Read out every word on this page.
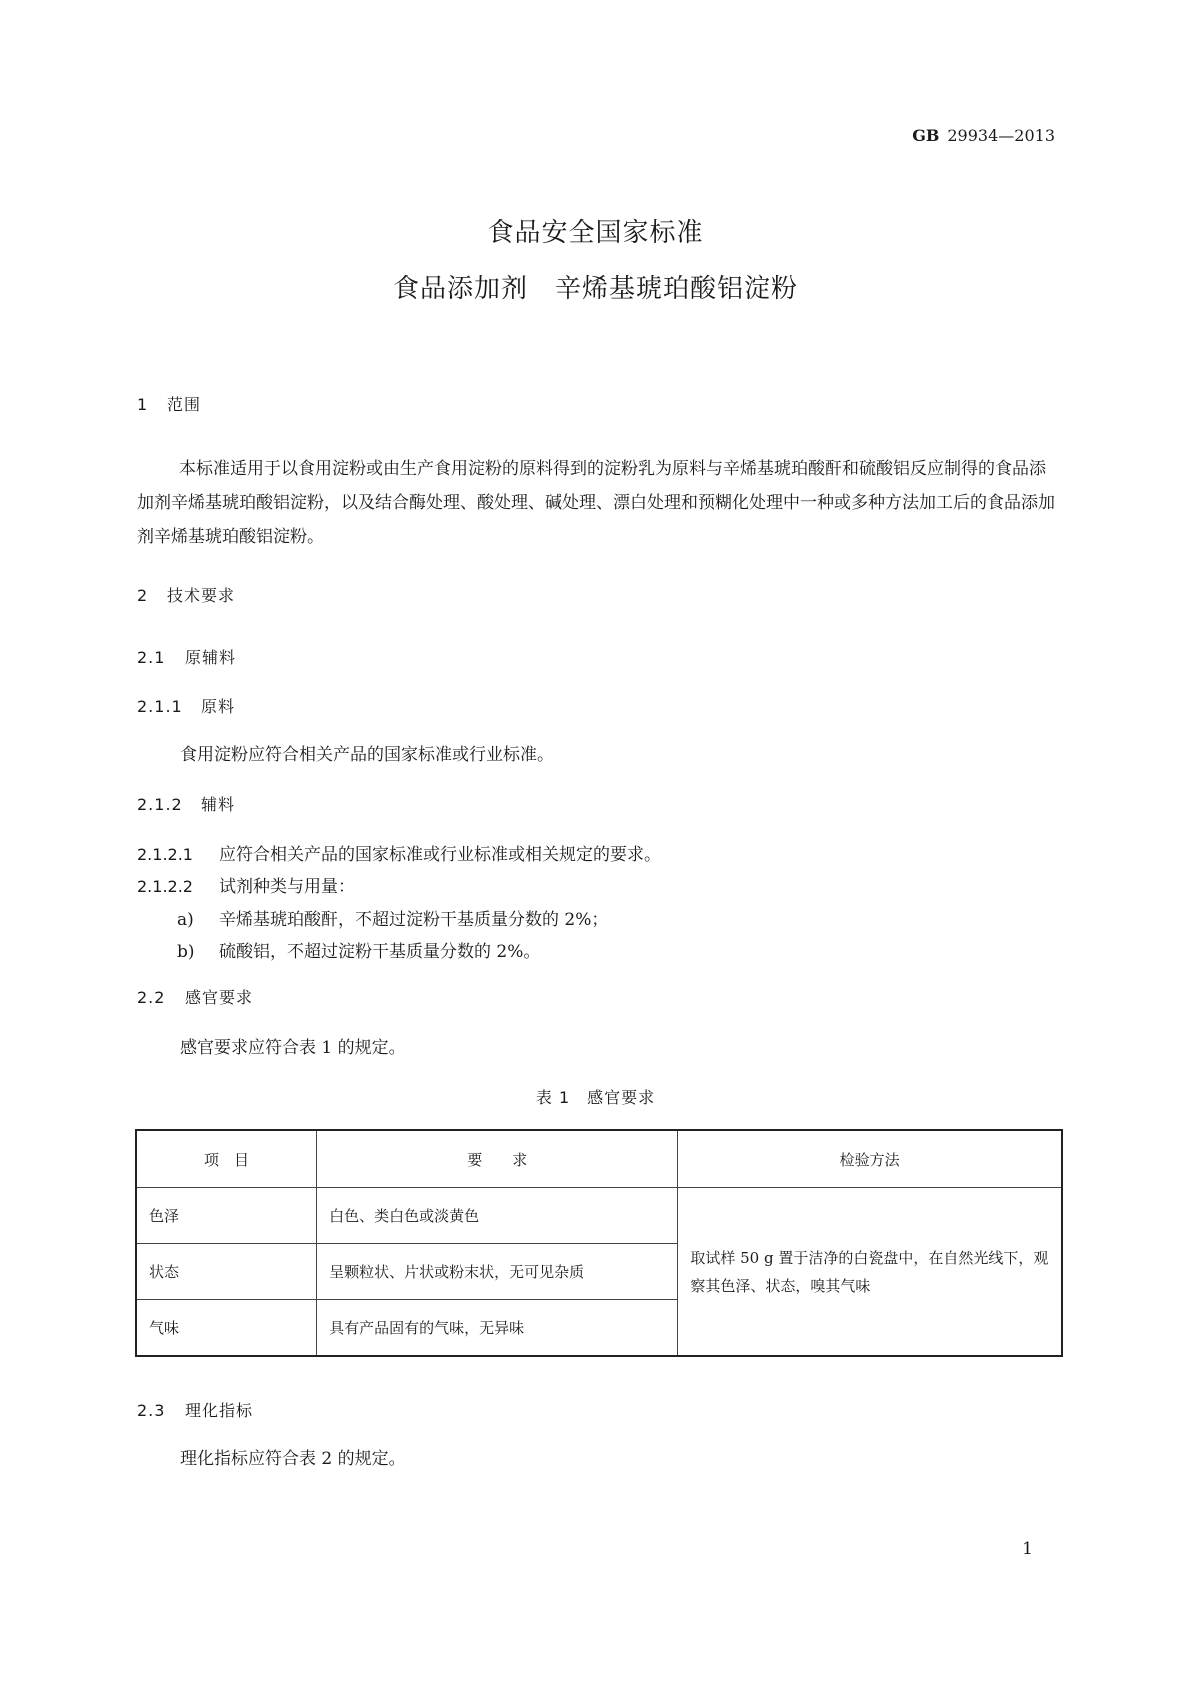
GB 29934—2013
食品安全国家标准
食品添加剂　辛烯基琥珀酸铝淀粉
1 范围
本标准适用于以食用淀粉或由生产食用淀粉的原料得到的淀粉乳为原料与辛烯基琥珀酸酐和硫酸铝反应制得的食品添加剂辛烯基琥珀酸铝淀粉，以及结合酶处理、酸处理、碱处理、漂白处理和预糊化处理中一种或多种方法加工后的食品添加剂辛烯基琥珀酸铝淀粉。
2 技术要求
2.1 原辅料
2.1.1 原料
食用淀粉应符合相关产品的国家标准或行业标准。
2.1.2 辅料
2.1.2.1 应符合相关产品的国家标准或行业标准或相关规定的要求。
2.1.2.2 试剂种类与用量：
a) 辛烯基琥珀酸酐，不超过淀粉干基质量分数的 2%；
b) 硫酸铝，不超过淀粉干基质量分数的 2%。
2.2 感官要求
感官要求应符合表 1 的规定。
表 1　感官要求
项　目	要　　求	检验方法
色泽	白色、类白色或淡黄色	取试样 50 g 置于洁净的白瓷盘中，在自然光线下，观察其色泽、状态，嗅其气味
状态	呈颗粒状、片状或粉末状，无可见杂质	
气味	具有产品固有的气味，无异味	
2.3 理化指标
理化指标应符合表 2 的规定。
1
